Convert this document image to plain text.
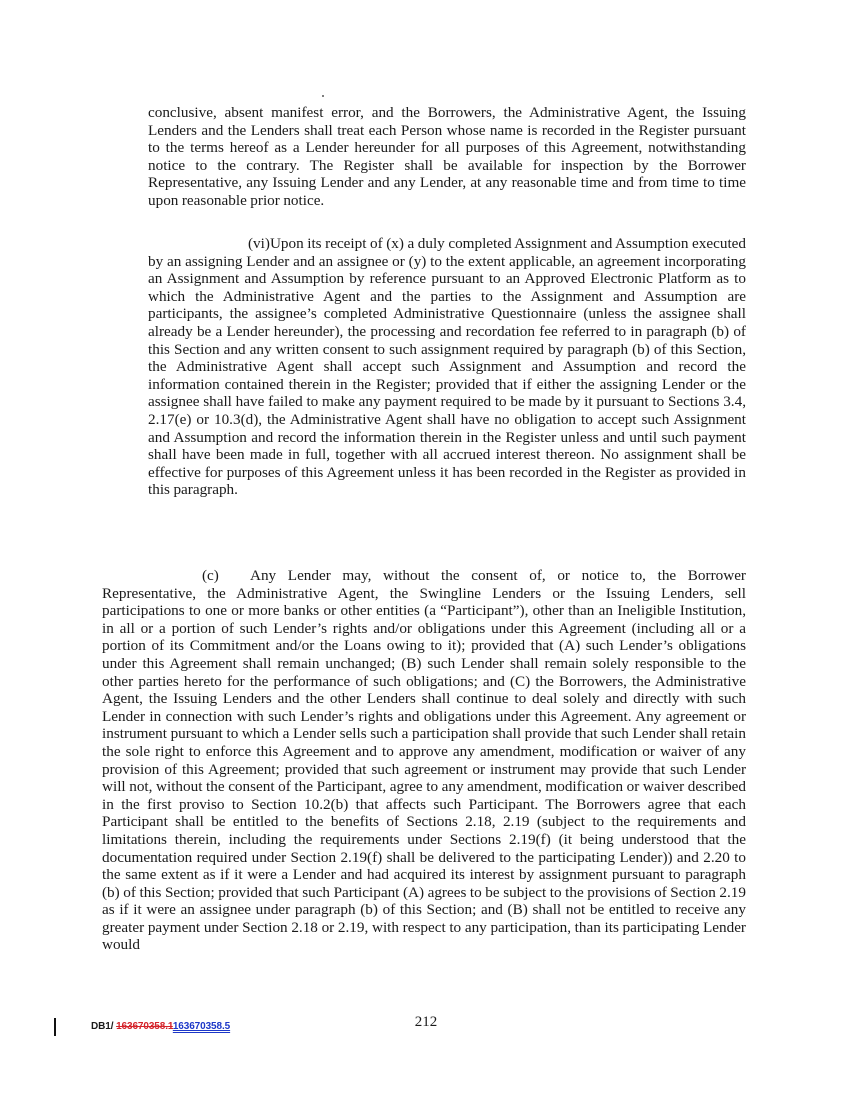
conclusive, absent manifest error, and the Borrowers, the Administrative Agent, the Issuing Lenders and the Lenders shall treat each Person whose name is recorded in the Register pursuant to the terms hereof as a Lender hereunder for all purposes of this Agreement, notwithstanding notice to the contrary. The Register shall be available for inspection by the Borrower Representative, any Issuing Lender and any Lender, at any reasonable time and from time to time upon reasonable prior notice.

(vi)Upon its receipt of (x) a duly completed Assignment and Assumption executed by an assigning Lender and an assignee or (y) to the extent applicable, an agreement incorporating an Assignment and Assumption by reference pursuant to an Approved Electronic Platform as to which the Administrative Agent and the parties to the Assignment and Assumption are participants, the assignee’s completed Administrative Questionnaire (unless the assignee shall already be a Lender hereunder), the processing and recordation fee referred to in paragraph (b) of this Section and any written consent to such assignment required by paragraph (b) of this Section, the Administrative Agent shall accept such Assignment and Assumption and record the information contained therein in the Register; provided that if either the assigning Lender or the assignee shall have failed to make any payment required to be made by it pursuant to Sections 3.4, 2.17(e) or 10.3(d), the Administrative Agent shall have no obligation to accept such Assignment and Assumption and record the information therein in the Register unless and until such payment shall have been made in full, together with all accrued interest thereon. No assignment shall be effective for purposes of this Agreement unless it has been recorded in the Register as provided in this paragraph.

(c) Any Lender may, without the consent of, or notice to, the Borrower Representative, the Administrative Agent, the Swingline Lenders or the Issuing Lenders, sell participations to one or more banks or other entities (a “Participant”), other than an Ineligible Institution, in all or a portion of such Lender’s rights and/or obligations under this Agreement (including all or a portion of its Commitment and/or the Loans owing to it); provided that (A) such Lender’s obligations under this Agreement shall remain unchanged; (B) such Lender shall remain solely responsible to the other parties hereto for the performance of such obligations; and (C) the Borrowers, the Administrative Agent, the Issuing Lenders and the other Lenders shall continue to deal solely and directly with such Lender in connection with such Lender’s rights and obligations under this Agreement. Any agreement or instrument pursuant to which a Lender sells such a participation shall provide that such Lender shall retain the sole right to enforce this Agreement and to approve any amendment, modification or waiver of any provision of this Agreement; provided that such agreement or instrument may provide that such Lender will not, without the consent of the Participant, agree to any amendment, modification or waiver described in the first proviso to Section 10.2(b) that affects such Participant. The Borrowers agree that each Participant shall be entitled to the benefits of Sections 2.18, 2.19 (subject to the requirements and limitations therein, including the requirements under Sections 2.19(f) (it being understood that the documentation required under Section 2.19(f) shall be delivered to the participating Lender)) and 2.20 to the same extent as if it were a Lender and had acquired its interest by assignment pursuant to paragraph (b) of this Section; provided that such Participant (A) agrees to be subject to the provisions of Section 2.19 as if it were an assignee under paragraph (b) of this Section; and (B) shall not be entitled to receive any greater payment under Section 2.18 or 2.19, with respect to any participation, than its participating Lender would

DB1/ 163670358.1163670358.5	212
